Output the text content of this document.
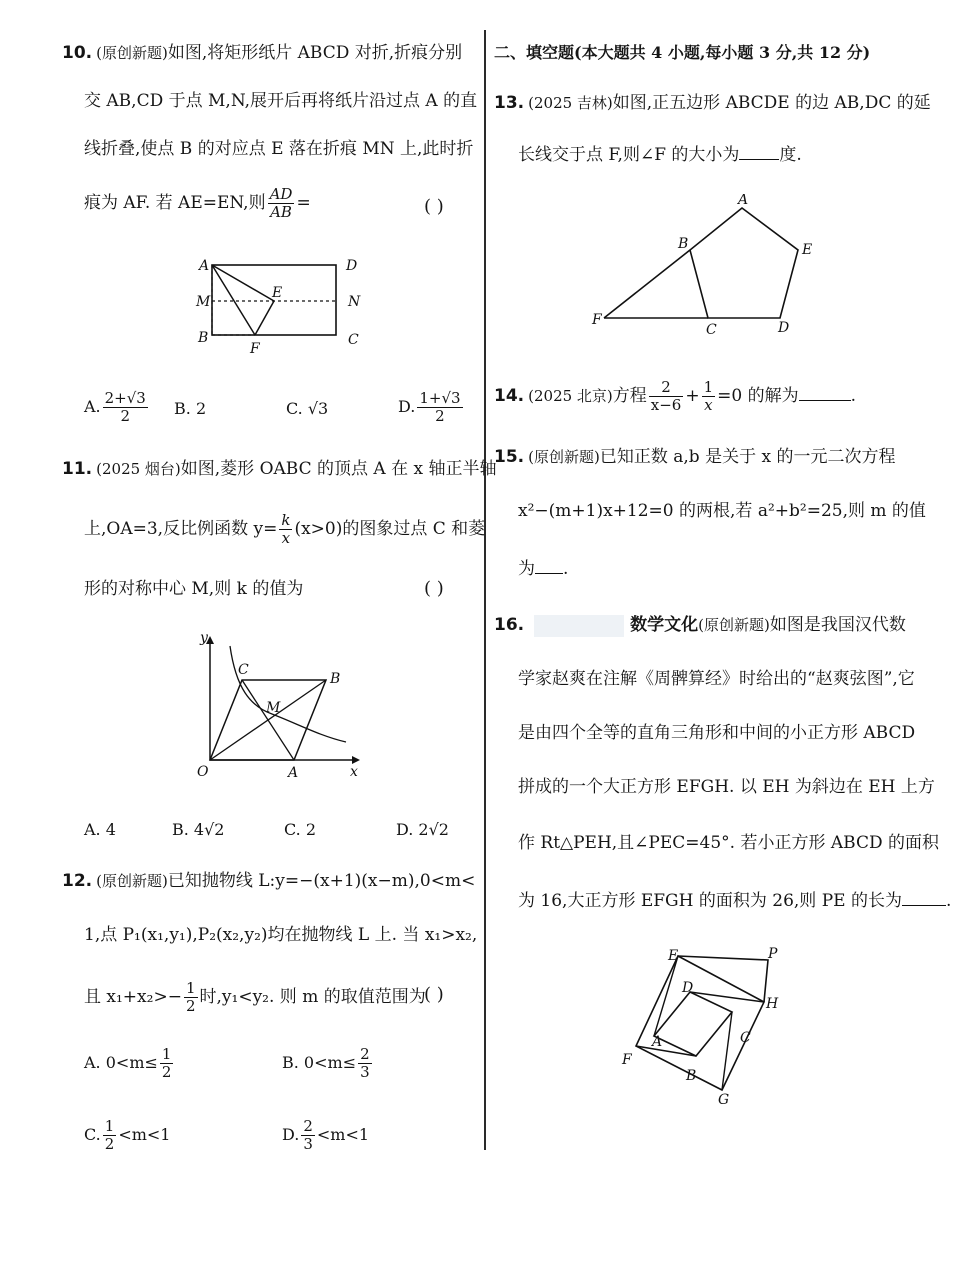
10. (原创新题)如图,将矩形纸片 ABCD 对折,折痕分别
交 AB,CD 于点 M,N,展开后再将纸片沿过点 A 的直
线折叠,使点 B 的对应点 E 落在折痕 MN 上,此时折
痕为 AF. 若 AE=EN,则 $\frac{AD}{AB}$ =	( )
A	D
M
E
N
B
F
C
A. $\frac{2+√3}{2} B$. 2	C. √3	D. $\frac{1+√3}{2}$
11. (2025 烟台)如图,菱形 OABC 的顶点 A 在 x 轴正半轴
上,OA=3,反比例函数 $y= \frac{k}{x} (x>0)$的图象过点 C 和菱
形的对称中心 M,则 k 的值为	( )
y
x
O	A
B
C
M
A. 4	B. 4√2	C. 2	D. 2√2
12. (原创新题)已知抛物线 L:y=−(x+1)(x−m),0<m<
1,点 P₁(x₁,y₁),P₂(x₂,y₂)均在抛物线 L 上. 当 x₁>x₂,
且 $x_1+x_2>- \frac{1}{2}$ 时,y₁<y₂. 则 m 的取值范围为
( )
A. $0<m\le \frac{1}{2}$	B. $0<m\le \frac{2}{3}$
C. $\frac{1}{2} <m<1$	D. $\frac{2}{3} <m<1$
二、填空题(本大题共 4 小题,每小题 3 分,共 12 分)
13. (2025 吉林)如图,正五边形 ABCDE 的边 AB,DC 的延
长线交于点 F,则∠F 的大小为 度.
A
B	E
F
C	D
14. (2025 北京)方程 $\frac{2}{x-6} + \frac{1}{x} =0$ 的解为	.
15. (原创新题)已知正数 a,b 是关于 x 的一元二次方程
x²−(m+1)x+12=0 的两根,若 a²+b²=25,则 m 的值
为 .
16.	数学文化(原创新题)如图是我国汉代数
学家赵爽在注解《周髀算经》时给出的“赵爽弦图”,它
是由四个全等的直角三角形和中间的小正方形 ABCD
拼成的一个大正方形 EFGH. 以 EH 为斜边在 EH 上方
作 Rt△PEH,且∠PEC=45°. 若小正方形 ABCD 的面积
为 16,大正方形 EFGH 的面积为 26,则 PE 的长为	.
E	P
D
H
A	C
F
B
G
